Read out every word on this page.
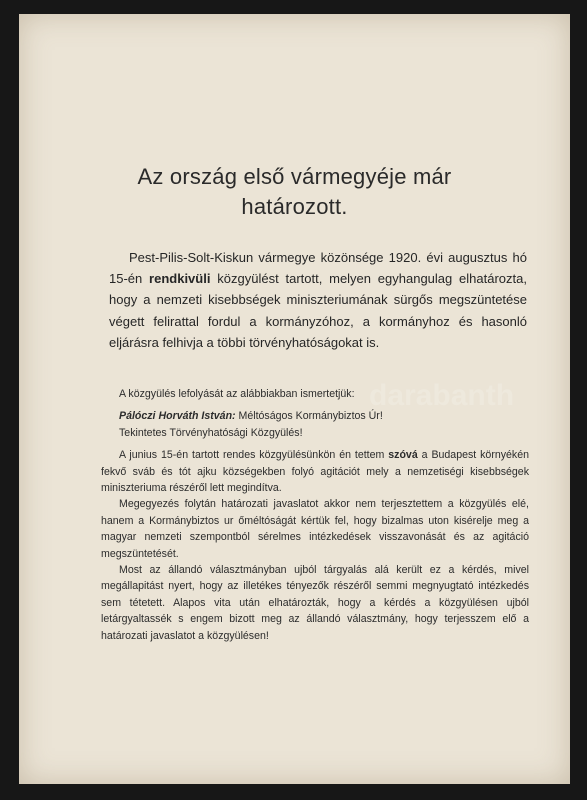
darabanth
Az ország első vármegyéje már
határozott.

Pest-Pilis-Solt-Kiskun vármegye közönsége 1920. évi augusztus hó 15-én rendkivüli közgyülést tartott, melyen egyhangulag elhatározta, hogy a nemzeti kisebbségek miniszteriumának sürgős megszüntetése végett felirattal fordul a kormányzóhoz, a kormányhoz és hasonló eljárásra felhivja a többi törvényhatóságokat is.

A közgyülés lefolyását az alábbiakban ismertetjük:

Pálóczi Horváth István: Méltóságos Kormánybiztos Úr!

Tekintetes Törvényhatósági Közgyülés!

A junius 15-én tartott rendes közgyülésünkön én tettem szóvá a Budapest környékén fekvő sváb és tót ajku községekben folyó agitációt mely a nemzetiségi kisebbségek miniszteriuma részéről lett megindítva.

Megegyezés folytán határozati javaslatot akkor nem terjesztettem a közgyülés elé, hanem a Kormánybiztos ur őméltóságát kértük fel, hogy bizalmas uton kisérelje meg a magyar nemzeti szempontból sérelmes intézkedések visszavonását és az agitáció megszüntetését.

Most az állandó választmányban ujból tárgyalás alá került ez a kérdés, mivel megállapitást nyert, hogy az illetékes tényezők részéről semmi megnyugtató intézkedés sem tétetett. Alapos vita után elhatározták, hogy a kérdés a közgyülésen ujból letárgyaltassék s engem bizott meg az állandó választmány, hogy terjesszem elő a határozati javaslatot a közgyülésen!
